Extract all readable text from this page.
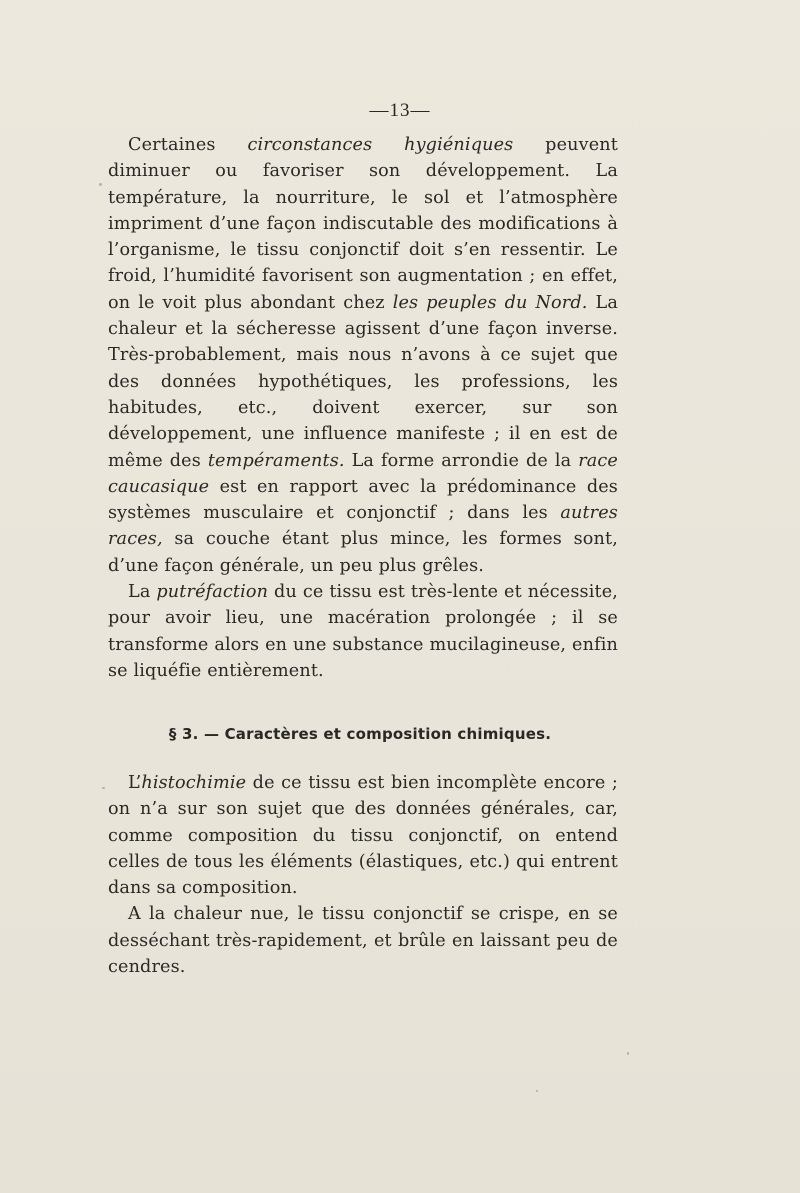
—13—

Certaines circonstances hygiéniques peuvent diminuer ou favoriser son développement. La température, la nourriture, le sol et l’atmosphère impriment d’une façon indiscutable des modifications à l’organisme, le tissu conjonctif doit s’en ressentir. Le froid, l’humidité favorisent son augmentation ; en effet, on le voit plus abondant chez les peuples du Nord. La chaleur et la sécheresse agissent d’une façon inverse. Très-probablement, mais nous n’avons à ce sujet que des données hypothétiques, les professions, les habitudes, etc., doivent exercer, sur son développement, une influence manifeste ; il en est de même des tempéraments. La forme arrondie de la race caucasique est en rapport avec la prédominance des systèmes musculaire et conjonctif ; dans les autres races, sa couche étant plus mince, les formes sont, d’une façon générale, un peu plus grêles.

La putréfaction du ce tissu est très-lente et nécessite, pour avoir lieu, une macération prolongée ; il se transforme alors en une substance mucilagineuse, enfin se liquéfie entièrement.

§ 3. — Caractères et composition chimiques.

L’histochimie de ce tissu est bien incomplète encore ; on n’a sur son sujet que des données générales, car, comme composition du tissu conjonctif, on entend celles de tous les éléments (élastiques, etc.) qui entrent dans sa composition.

A la chaleur nue, le tissu conjonctif se crispe, en se desséchant très-rapidement, et brûle en laissant peu de cendres.
